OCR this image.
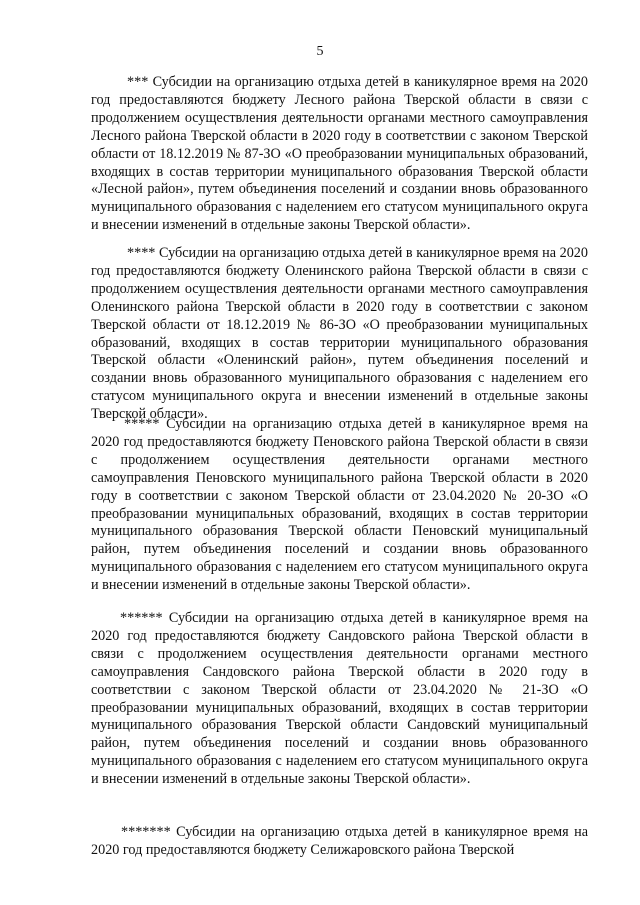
5

*** Субсидии на организацию отдыха детей в каникулярное время на 2020 год предоставляются бюджету Лесного района Тверской области в связи с продолжением осуществления деятельности органами местного самоуправления Лесного района Тверской области в 2020 году в соответствии с законом Тверской области от 18.12.2019 № 87-ЗО «О преобразовании муниципальных образований, входящих в состав территории муниципального образования Тверской области «Лесной район», путем объединения поселений и создании вновь образованного муниципального образования с наделением его статусом муниципального округа и внесении изменений в отдельные законы Тверской области».

**** Субсидии на организацию отдыха детей в каникулярное время на 2020 год предоставляются бюджету Оленинского района Тверской области в связи с продолжением осуществления деятельности органами местного самоуправления Оленинского района Тверской области в 2020 году в соответствии с законом Тверской области от 18.12.2019 № 86-ЗО «О преобразовании муниципальных образований, входящих в состав территории муниципального образования Тверской области «Оленинский район», путем объединения поселений и создании вновь образованного муниципального образования с наделением его статусом муниципального округа и внесении изменений в отдельные законы Тверской области».

***** Субсидии на организацию отдыха детей в каникулярное время на 2020 год предоставляются бюджету Пеновского района Тверской области в связи с продолжением осуществления деятельности органами местного самоуправления Пеновского муниципального района Тверской области в 2020 году в соответствии с законом Тверской области от 23.04.2020 № 20-ЗО «О преобразовании муниципальных образований, входящих в состав территории муниципального образования Тверской области Пеновский муниципальный район, путем объединения поселений и создании вновь образованного муниципального образования с наделением его статусом муниципального округа и внесении изменений в отдельные законы Тверской области».

****** Субсидии на организацию отдыха детей в каникулярное время на 2020 год предоставляются бюджету Сандовского района Тверской области в связи с продолжением осуществления деятельности органами местного самоуправления Сандовского района Тверской области в 2020 году в соответствии с законом Тверской области от 23.04.2020 № 21-ЗО «О преобразовании муниципальных образований, входящих в состав территории муниципального образования Тверской области Сандовский муниципальный район, путем объединения поселений и создании вновь образованного муниципального образования с наделением его статусом муниципального округа и внесении изменений в отдельные законы Тверской области».

******* Субсидии на организацию отдыха детей в каникулярное время на 2020 год предоставляются бюджету Селижаровского района Тверской
